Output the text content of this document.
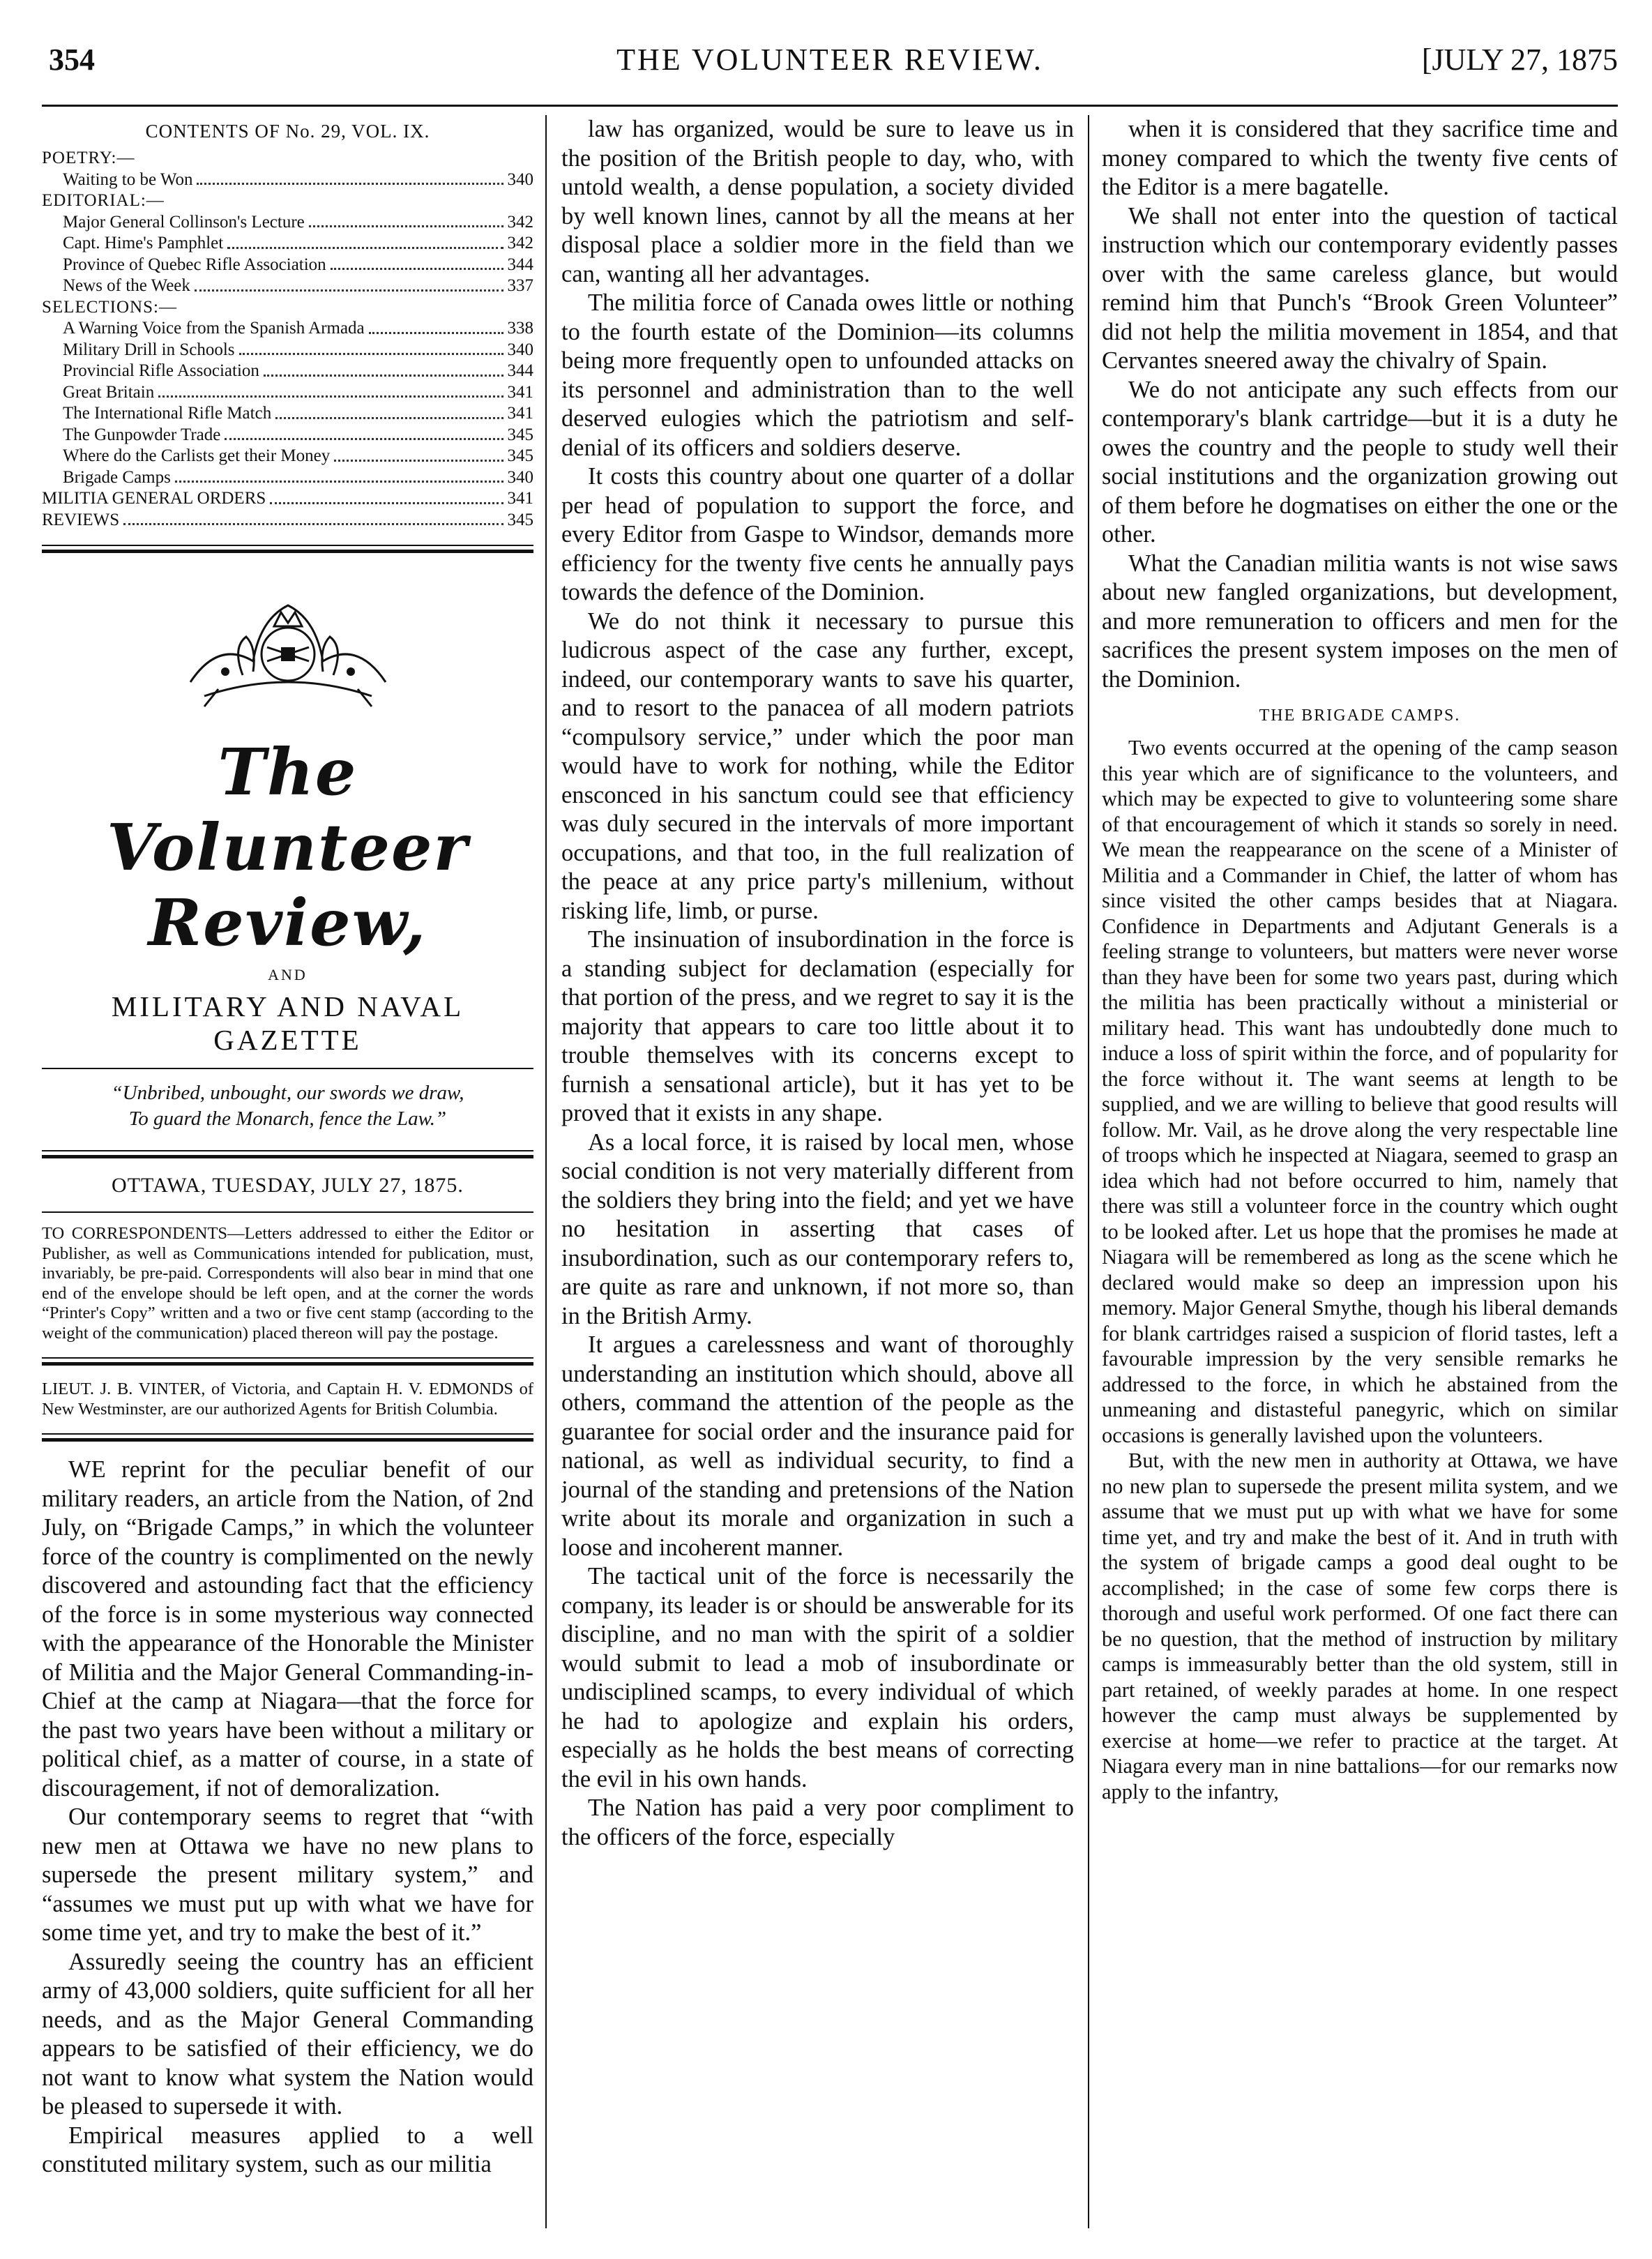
354	THE VOLUNTEER REVIEW.	[JULY 27, 1875
CONTENTS OF No. 29, VOL. IX.
POETRY:—
Waiting to be Won	340
EDITORIAL:—
Major General Collinson's Lecture	342
Capt. Hime's Pamphlet	342
Province of Quebec Rifle Association	344
News of the Week	337
SELECTIONS:—
A Warning Voice from the Spanish Armada	338
Military Drill in Schools	340
Provincial Rifle Association	344
Great Britain	341
The International Rifle Match	341
The Gunpowder Trade	345
Where do the Carlists get their Money	345
Brigade Camps	340
MILITIA GENERAL ORDERS	341
REVIEWS	345
The Volunteer Review,
AND
MILITARY AND NAVAL GAZETTE
“Unbribed, unbought, our swords we draw,
To guard the Monarch, fence the Law.”
OTTAWA, TUESDAY, JULY 27, 1875.

TO CORRESPONDENTS—Letters addressed to either the Editor or Publisher, as well as Communications intended for publication, must, invariably, be pre-paid. Correspondents will also bear in mind that one end of the envelope should be left open, and at the corner the words “Printer's Copy” written and a two or five cent stamp (according to the weight of the communication) placed thereon will pay the postage.

LIEUT. J. B. VINTER, of Victoria, and Captain H. V. EDMONDS of New Westminster, are our authorized Agents for British Columbia.

WE reprint for the peculiar benefit of our military readers, an article from the Nation, of 2nd July, on “Brigade Camps,” in which the volunteer force of the country is complimented on the newly discovered and astounding fact that the efficiency of the force is in some mysterious way connected with the appearance of the Honorable the Minister of Militia and the Major General Commanding-in-Chief at the camp at Niagara—that the force for the past two years have been without a military or political chief, as a matter of course, in a state of discouragement, if not of demoralization.

Our contemporary seems to regret that “with new men at Ottawa we have no new plans to supersede the present military system,” and “assumes we must put up with what we have for some time yet, and try to make the best of it.”

Assuredly seeing the country has an efficient army of 43,000 soldiers, quite sufficient for all her needs, and as the Major General Commanding appears to be satisfied of their efficiency, we do not want to know what system the Nation would be pleased to supersede it with.

Empirical measures applied to a well constituted military system, such as our militia

law has organized, would be sure to leave us in the position of the British people to day, who, with untold wealth, a dense population, a society divided by well known lines, cannot by all the means at her disposal place a soldier more in the field than we can, wanting all her advantages.

The militia force of Canada owes little or nothing to the fourth estate of the Dominion—its columns being more frequently open to unfounded attacks on its personnel and administration than to the well deserved eulogies which the patriotism and self-denial of its officers and soldiers deserve.

It costs this country about one quarter of a dollar per head of population to support the force, and every Editor from Gaspe to Windsor, demands more efficiency for the twenty five cents he annually pays towards the defence of the Dominion.

We do not think it necessary to pursue this ludicrous aspect of the case any further, except, indeed, our contemporary wants to save his quarter, and to resort to the panacea of all modern patriots “compulsory service,” under which the poor man would have to work for nothing, while the Editor ensconced in his sanctum could see that efficiency was duly secured in the intervals of more important occupations, and that too, in the full realization of the peace at any price party's millenium, without risking life, limb, or purse.

The insinuation of insubordination in the force is a standing subject for declamation (especially for that portion of the press, and we regret to say it is the majority that appears to care too little about it to trouble themselves with its concerns except to furnish a sensational article), but it has yet to be proved that it exists in any shape.

As a local force, it is raised by local men, whose social condition is not very materially different from the soldiers they bring into the field; and yet we have no hesitation in asserting that cases of insubordination, such as our contemporary refers to, are quite as rare and unknown, if not more so, than in the British Army.

It argues a carelessness and want of thoroughly understanding an institution which should, above all others, command the attention of the people as the guarantee for social order and the insurance paid for national, as well as individual security, to find a journal of the standing and pretensions of the Nation write about its morale and organization in such a loose and incoherent manner.

The tactical unit of the force is necessarily the company, its leader is or should be answerable for its discipline, and no man with the spirit of a soldier would submit to lead a mob of insubordinate or undisciplined scamps, to every individual of which he had to apologize and explain his orders, especially as he holds the best means of correcting the evil in his own hands.

The Nation has paid a very poor compliment to the officers of the force, especially

when it is considered that they sacrifice time and money compared to which the twenty five cents of the Editor is a mere bagatelle.

We shall not enter into the question of tactical instruction which our contemporary evidently passes over with the same careless glance, but would remind him that Punch's “Brook Green Volunteer” did not help the militia movement in 1854, and that Cervantes sneered away the chivalry of Spain.

We do not anticipate any such effects from our contemporary's blank cartridge—but it is a duty he owes the country and the people to study well their social institutions and the organization growing out of them before he dogmatises on either the one or the other.

What the Canadian militia wants is not wise saws about new fangled organizations, but development, and more remuneration to officers and men for the sacrifices the present system imposes on the men of the Dominion.

THE BRIGADE CAMPS.

Two events occurred at the opening of the camp season this year which are of significance to the volunteers, and which may be expected to give to volunteering some share of that encouragement of which it stands so sorely in need. We mean the reappearance on the scene of a Minister of Militia and a Commander in Chief, the latter of whom has since visited the other camps besides that at Niagara. Confidence in Departments and Adjutant Generals is a feeling strange to volunteers, but matters were never worse than they have been for some two years past, during which the militia has been practically without a ministerial or military head. This want has undoubtedly done much to induce a loss of spirit within the force, and of popularity for the force without it. The want seems at length to be supplied, and we are willing to believe that good results will follow. Mr. Vail, as he drove along the very respectable line of troops which he inspected at Niagara, seemed to grasp an idea which had not before occurred to him, namely that there was still a volunteer force in the country which ought to be looked after. Let us hope that the promises he made at Niagara will be remembered as long as the scene which he declared would make so deep an impression upon his memory. Major General Smythe, though his liberal demands for blank cartridges raised a suspicion of florid tastes, left a favourable impression by the very sensible remarks he addressed to the force, in which he abstained from the unmeaning and distasteful panegyric, which on similar occasions is generally lavished upon the volunteers.

But, with the new men in authority at Ottawa, we have no new plan to supersede the present milita system, and we assume that we must put up with what we have for some time yet, and try and make the best of it. And in truth with the system of brigade camps a good deal ought to be accomplished; in the case of some few corps there is thorough and useful work performed. Of one fact there can be no question, that the method of instruction by military camps is immeasurably better than the old system, still in part retained, of weekly parades at home. In one respect however the camp must always be supplemented by exercise at home—we refer to practice at the target. At Niagara every man in nine battalions—for our remarks now apply to the infantry,
